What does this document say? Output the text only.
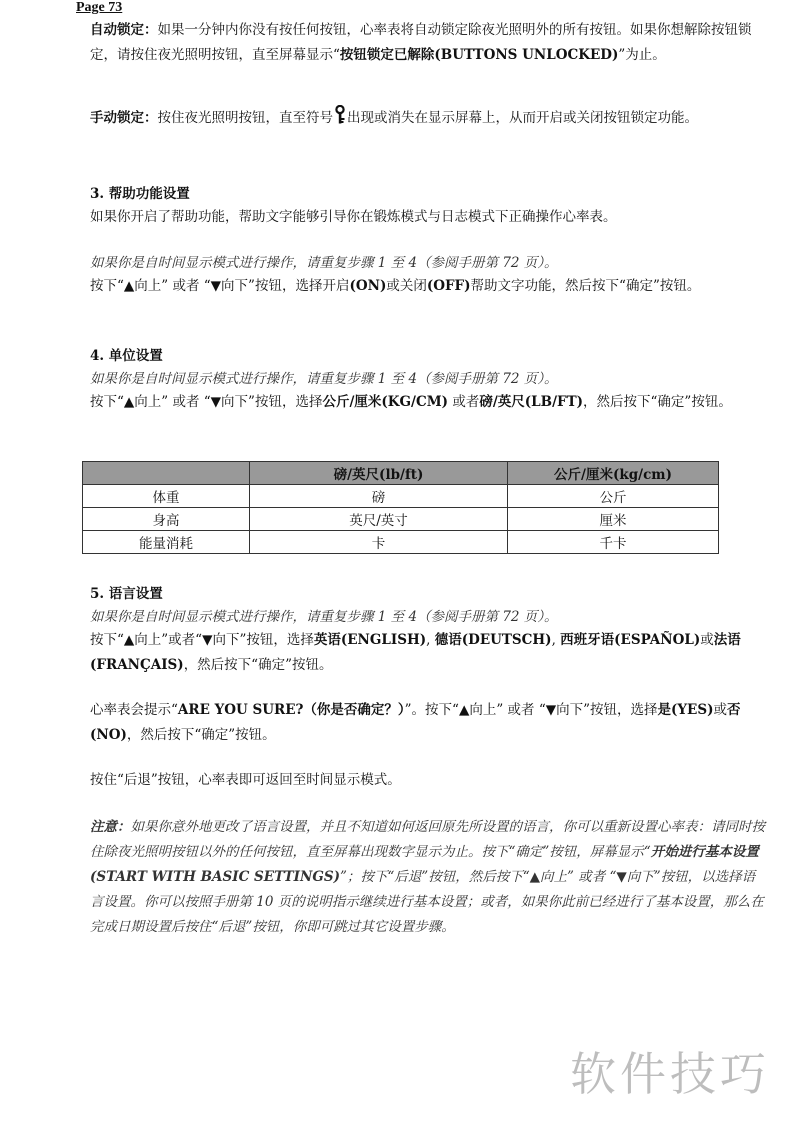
Page 73

自动锁定：如果一分钟内你没有按任何按钮，心率表将自动锁定除夜光照明外的所有按钮。如果你想解除按钮锁定，请按住夜光照明按钮，直至屏幕显示“按钮锁定已解除(BUTTONS UNLOCKED)”为止。

手动锁定：按住夜光照明按钮，直至符号 出现或消失在显示屏幕上，从而开启或关闭按钮锁定功能。

3. 帮助功能设置

如果你开启了帮助功能，帮助文字能够引导你在锻炼模式与日志模式下正确操作心率表。

如果你是自时间显示模式进行操作，请重复步骤 1 至 4（参阅手册第 72 页）。

按下“▲向上” 或者 “▼向下”按钮，选择开启(ON)或关闭(OFF)帮助文字功能，然后按下“确定”按钮。

4. 单位设置

如果你是自时间显示模式进行操作，请重复步骤 1 至 4（参阅手册第 72 页）。

按下“▲向上” 或者 “▼向下”按钮，选择公斤/厘米(KG/CM) 或者磅/英尺(LB/FT)，然后按下“确定”按钮。

	磅/英尺(lb/ft)	公斤/厘米(kg/cm)
体重	磅	公斤
身高	英尺/英寸	厘米
能量消耗	卡	千卡

5. 语言设置

如果你是自时间显示模式进行操作，请重复步骤 1 至 4（参阅手册第 72 页）。

按下“▲向上”或者“▼向下”按钮，选择英语(ENGLISH), 德语(DEUTSCH), 西班牙语(ESPAÑOL)或法语(FRANÇAIS)，然后按下“确定”按钮。

心率表会提示“ARE YOU SURE?（你是否确定？）”。按下“▲向上” 或者 “▼向下”按钮，选择是(YES)或否(NO)，然后按下“确定”按钮。

按住“后退”按钮，心率表即可返回至时间显示模式。

注意：如果你意外地更改了语言设置，并且不知道如何返回原先所设置的语言，你可以重新设置心率表：请同时按住除夜光照明按钮以外的任何按钮，直至屏幕出现数字显示为止。按下“确定”按钮，屏幕显示“开始进行基本设置(START WITH BASIC SETTINGS)”；按下“后退”按钮，然后按下“▲向上” 或者 “▼向下”按钮，以选择语言设置。你可以按照手册第 10 页的说明指示继续进行基本设置；或者，如果你此前已经进行了基本设置，那么在完成日期设置后按住“后退”按钮，你即可跳过其它设置步骤。

软件技巧
